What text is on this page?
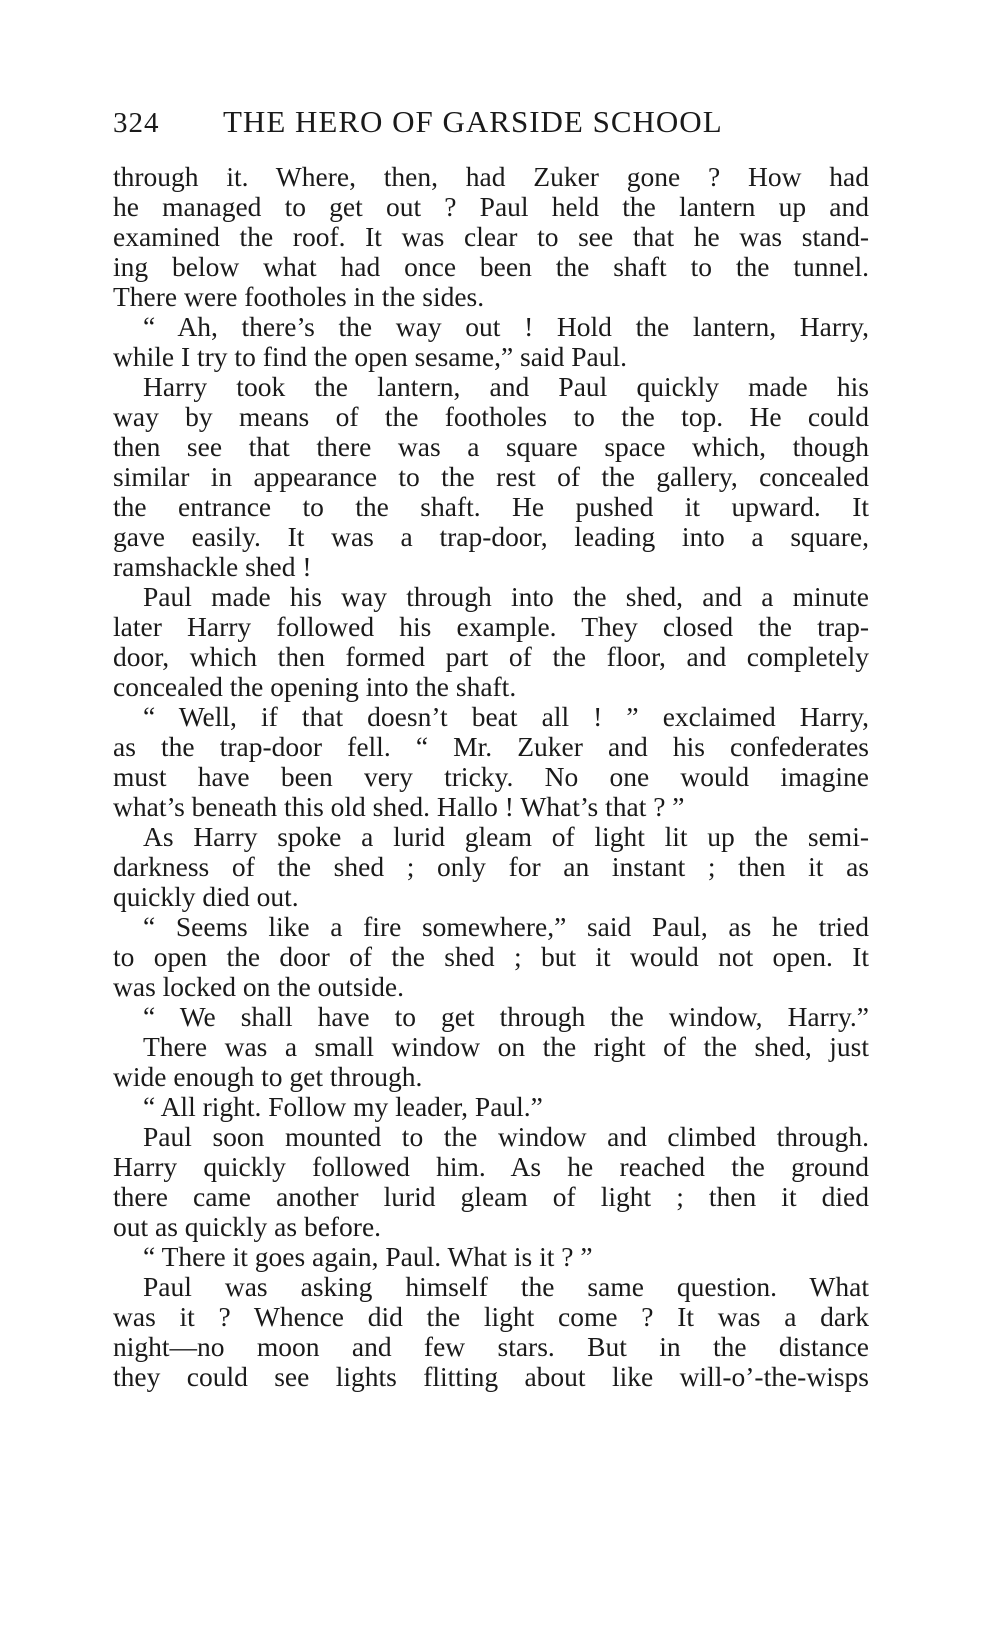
324 THE HERO OF GARSIDE SCHOOL
through it. Where, then, had Zuker gone ? How had
he managed to get out ? Paul held the lantern up and
examined the roof. It was clear to see that he was stand-
ing below what had once been the shaft to the tunnel.
There were footholes in the sides.
“ Ah, there’s the way out ! Hold the lantern, Harry,
while I try to find the open sesame,” said Paul.
Harry took the lantern, and Paul quickly made his
way by means of the footholes to the top. He could
then see that there was a square space which, though
similar in appearance to the rest of the gallery, concealed
the entrance to the shaft. He pushed it upward. It
gave easily. It was a trap-door, leading into a square,
ramshackle shed !
Paul made his way through into the shed, and a minute
later Harry followed his example. They closed the trap-
door, which then formed part of the floor, and completely
concealed the opening into the shaft.
“ Well, if that doesn’t beat all ! ” exclaimed Harry,
as the trap-door fell. “ Mr. Zuker and his confederates
must have been very tricky. No one would imagine
what’s beneath this old shed. Hallo ! What’s that ? ”
As Harry spoke a lurid gleam of light lit up the semi-
darkness of the shed ; only for an instant ; then it as
quickly died out.
“ Seems like a fire somewhere,” said Paul, as he tried
to open the door of the shed ; but it would not open. It
was locked on the outside.
“ We shall have to get through the window, Harry.”
There was a small window on the right of the shed, just
wide enough to get through.
“ All right. Follow my leader, Paul.”
Paul soon mounted to the window and climbed through.
Harry quickly followed him. As he reached the ground
there came another lurid gleam of light ; then it died
out as quickly as before.
“ There it goes again, Paul. What is it ? ”
Paul was asking himself the same question. What
was it ? Whence did the light come ? It was a dark
night—no moon and few stars. But in the distance
they could see lights flitting about like will-o’-the-wisps
